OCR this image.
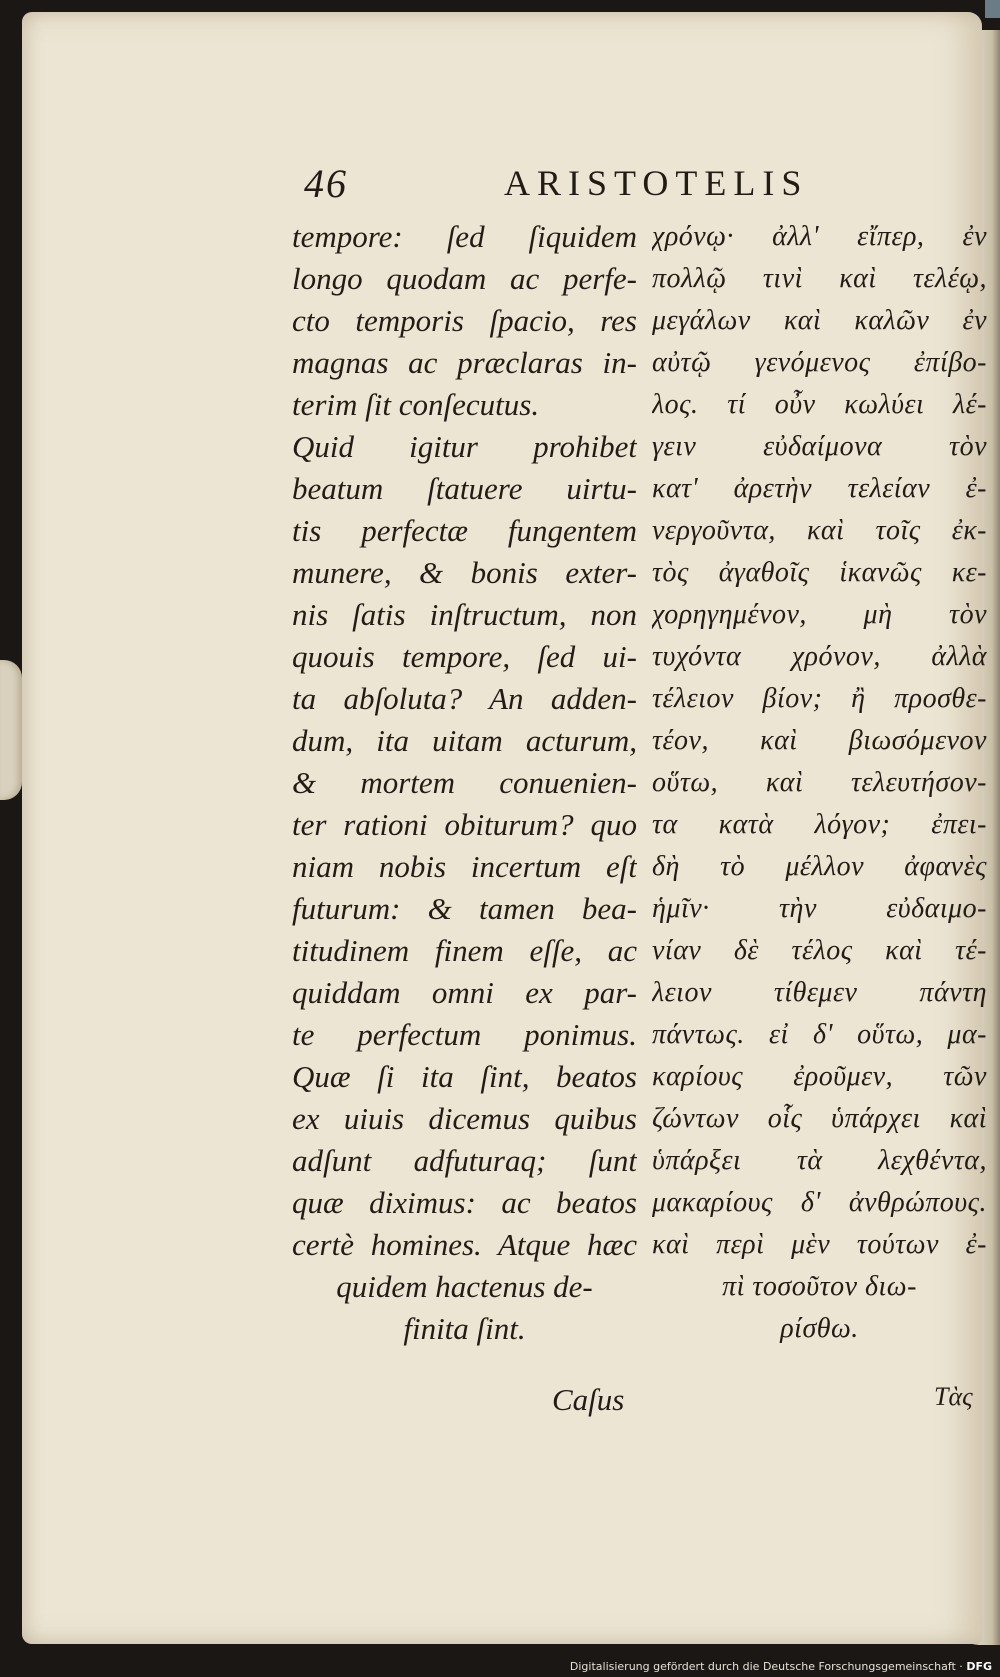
46	ARISTOTELIS
tempore: ſed ſiquidem
longo quodam ac perfe-
cto temporis ſpacio, res
magnas ac præclaras in-
terim ſit conſecutus.
Quid igitur prohibet
beatum ſtatuere uirtu-
tis perfectæ fungentem
munere, & bonis exter-
nis ſatis inſtructum, non
quouis tempore, ſed ui-
ta abſoluta? An adden-
dum, ita uitam acturum,
& mortem conuenien-
ter rationi obiturum? quo
niam nobis incertum eſt
futurum: & tamen bea-
titudinem finem eſſe, ac
quiddam omni ex par-
te perfectum ponimus.
Quæ ſi ita ſint, beatos
ex uiuis dicemus quibus
adſunt adfuturaq; ſunt
quæ diximus: ac beatos
certè homines. Atque hæc
quidem hactenus de-
finita ſint.
χρόνῳ· ἀλλ' εἴπερ, ἐν
πολλῷ τινὶ καὶ τελέῳ,
μεγάλων καὶ καλῶν ἐν
αὐτῷ γενόμενος ἐπίβο-
λος. τί οὖν κωλύει λέ-
γειν εὐδαίμονα τὸν
κατ' ἀρετὴν τελείαν ἐ-
νεργοῦντα, καὶ τοῖς ἐκ-
τὸς ἀγαθοῖς ἱκανῶς κε-
χορηγημένον, μὴ τὸν
τυχόντα χρόνον, ἀλλὰ
τέλειον βίον; ἢ προσθε-
τέον, καὶ βιωσόμενον
οὕτω, καὶ τελευτήσον-
τα κατὰ λόγον; ἐπει-
δὴ τὸ μέλλον ἀφανὲς
ἡμῖν· τὴν εὐδαιμο-
νίαν δὲ τέλος καὶ τέ-
λειον τίθεμεν πάντη
πάντως. εἰ δ' οὕτω, μα-
καρίους ἐροῦμεν, τῶν
ζώντων οἷς ὑπάρχει καὶ
ὑπάρξει τὰ λεχθέντα,
μακαρίους δ' ἀνθρώπους.
καὶ περὶ μὲν τούτων ἐ-
πὶ τοσοῦτον διω-
ρίσθω.
Caſus	Τὰς
Digitalisierung gefördert durch die Deutsche Forschungsgemeinschaft · DFG
